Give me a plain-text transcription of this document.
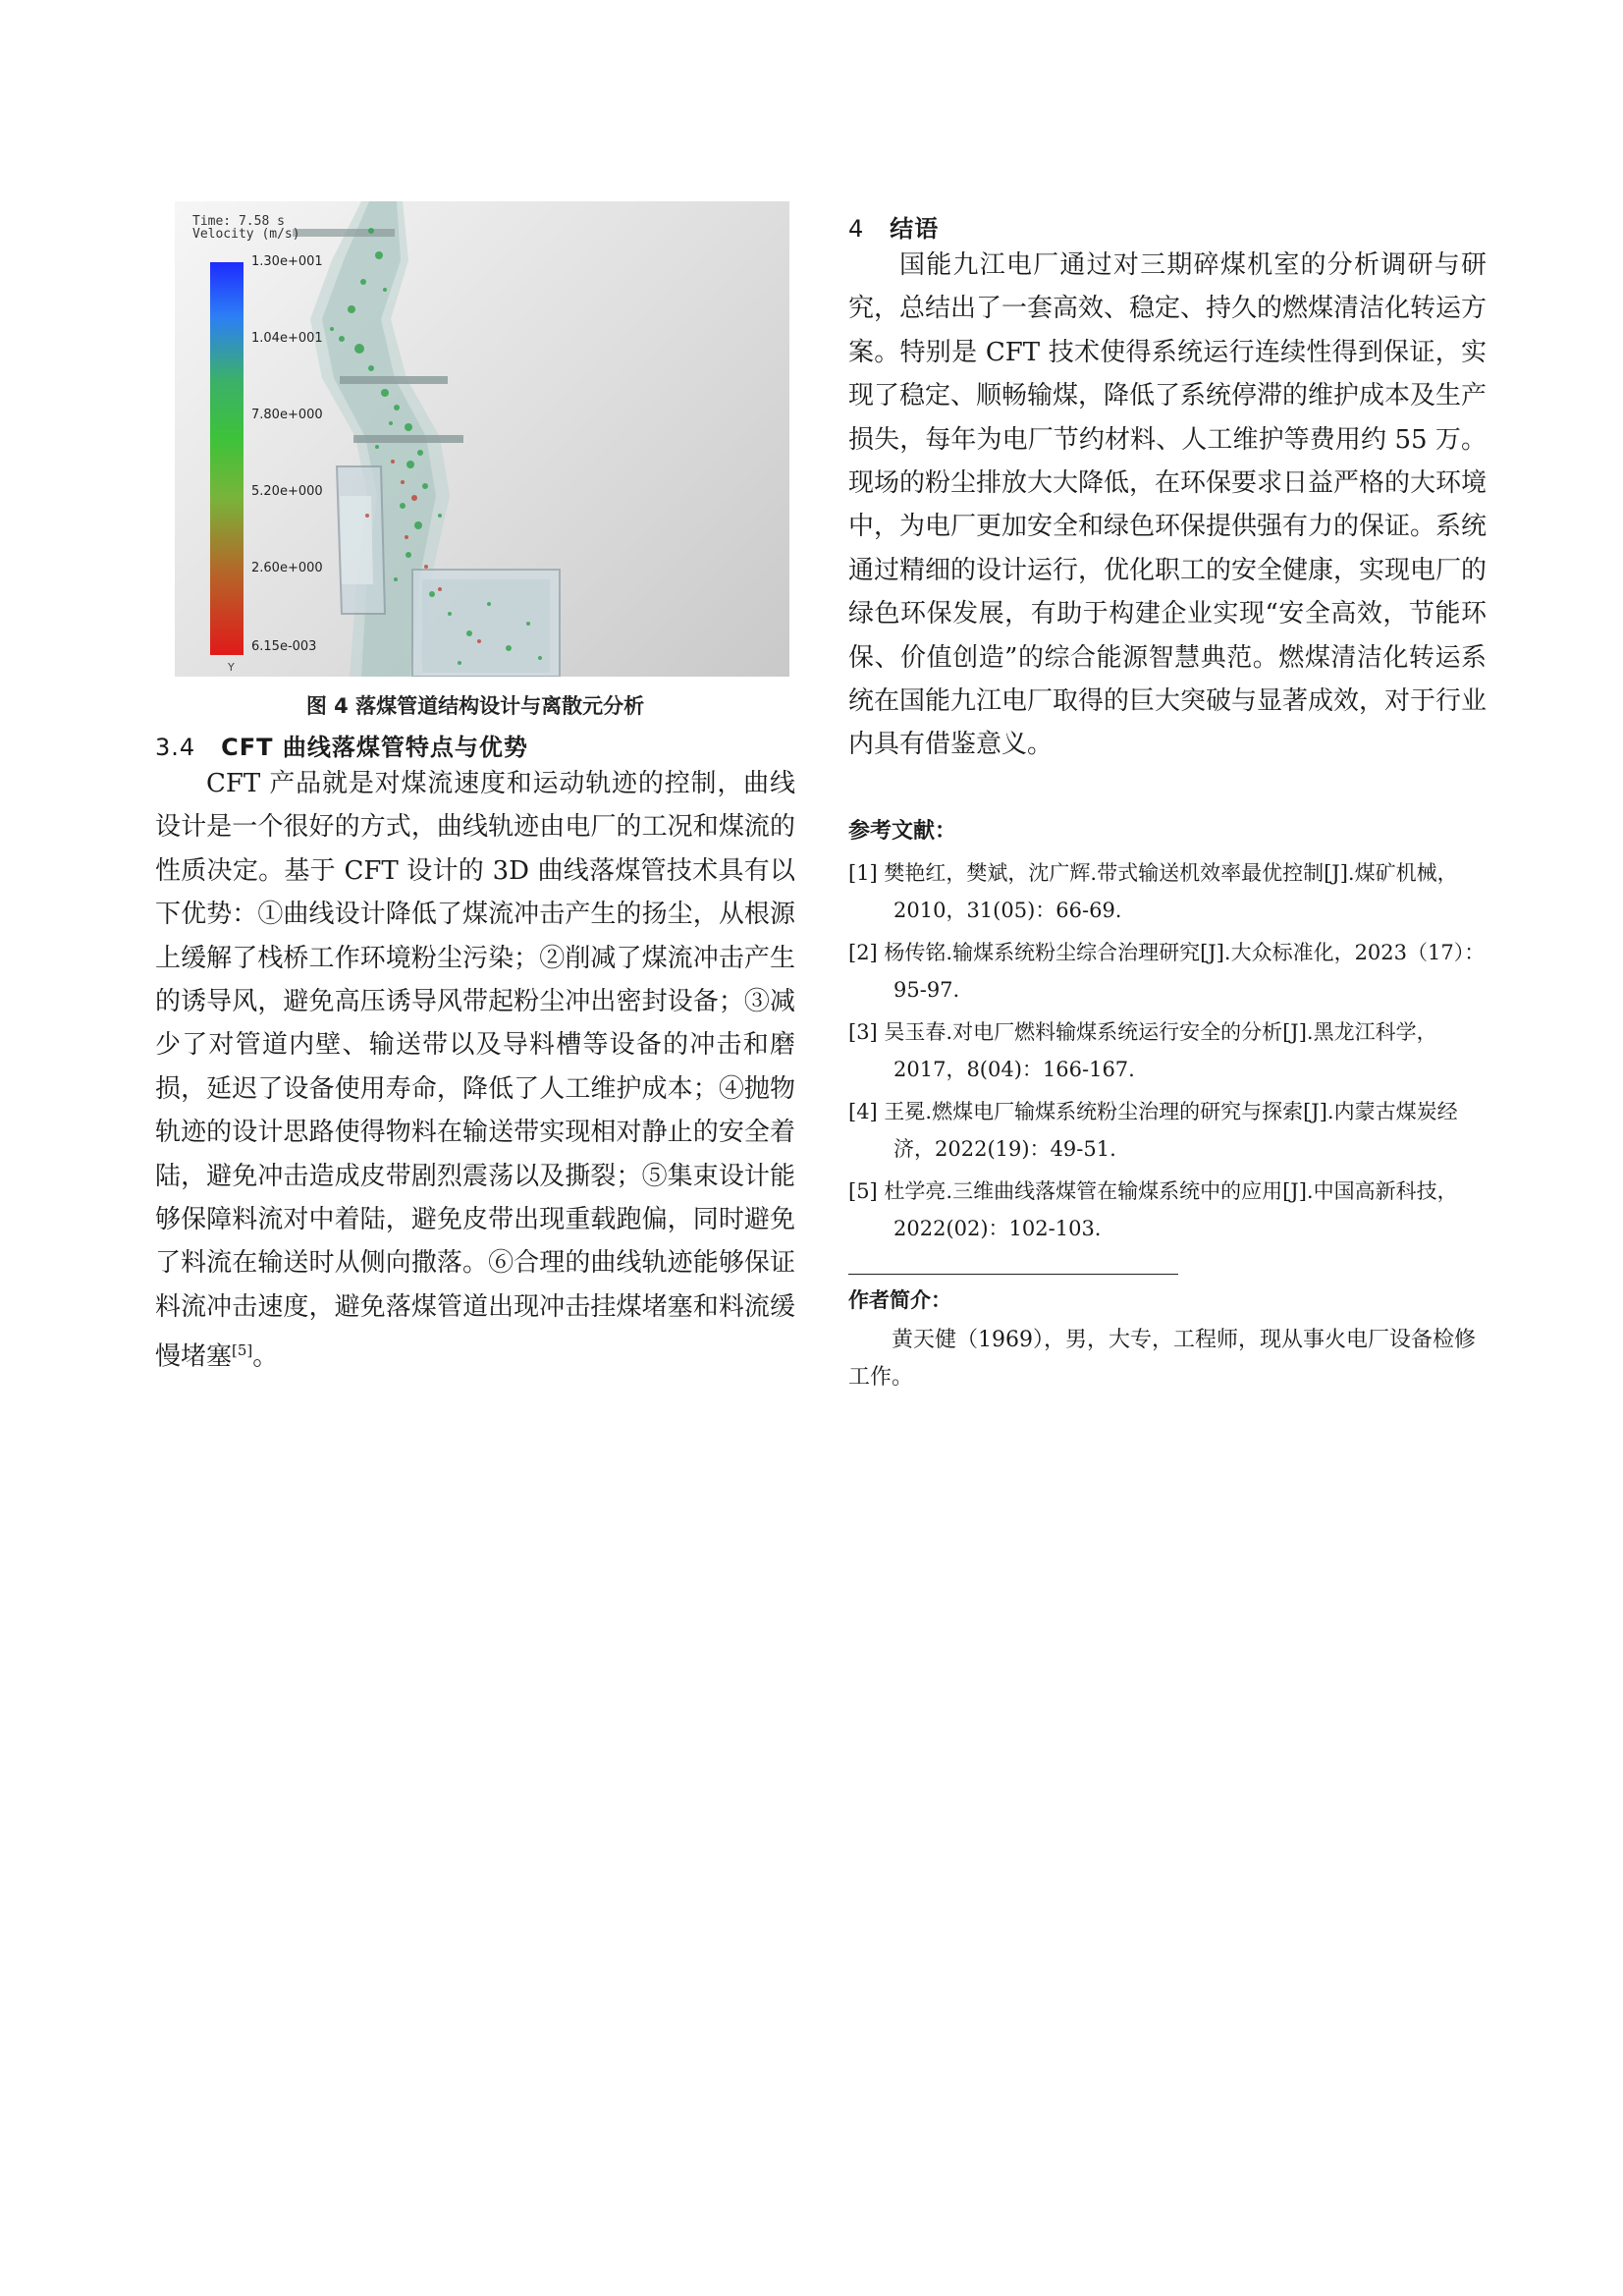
Time: 7.58 s
Velocity (m/s)
1.30e+001
1.04e+001
7.80e+000
5.20e+000
2.60e+000
6.15e-003
Y
图 4 落煤管道结构设计与离散元分析
3.4 CFT 曲线落煤管特点与优势

CFT 产品就是对煤流速度和运动轨迹的控制，曲线设计是一个很好的方式，曲线轨迹由电厂的工况和煤流的性质决定。基于 CFT 设计的 3D 曲线落煤管技术具有以下优势：①曲线设计降低了煤流冲击产生的扬尘，从根源上缓解了栈桥工作环境粉尘污染；②削减了煤流冲击产生的诱导风，避免高压诱导风带起粉尘冲出密封设备；③减少了对管道内壁、输送带以及导料槽等设备的冲击和磨损，延迟了设备使用寿命，降低了人工维护成本；④抛物轨迹的设计思路使得物料在输送带实现相对静止的安全着陆，避免冲击造成皮带剧烈震荡以及撕裂；⑤集束设计能够保障料流对中着陆，避免皮带出现重载跑偏，同时避免了料流在输送时从侧向撒落。⑥合理的曲线轨迹能够保证料流冲击速度，避免落煤管道出现冲击挂煤堵塞和料流缓慢堵塞[5]。

4 结语

国能九江电厂通过对三期碎煤机室的分析调研与研究，总结出了一套高效、稳定、持久的燃煤清洁化转运方案。特别是 CFT 技术使得系统运行连续性得到保证，实现了稳定、顺畅输煤，降低了系统停滞的维护成本及生产损失，每年为电厂节约材料、人工维护等费用约 55 万。现场的粉尘排放大大降低，在环保要求日益严格的大环境中，为电厂更加安全和绿色环保提供强有力的保证。系统通过精细的设计运行，优化职工的安全健康，实现电厂的绿色环保发展，有助于构建企业实现“安全高效，节能环保、价值创造”的综合能源智慧典范。燃煤清洁化转运系统在国能九江电厂取得的巨大突破与显著成效，对于行业内具有借鉴意义。

参考文献：
[1] 樊艳红，樊斌，沈广辉.带式输送机效率最优控制[J].煤矿机械，2010，31(05)：66-69.
[2] 杨传铭.输煤系统粉尘综合治理研究[J].大众标准化，2023（17）：95-97.
[3] 吴玉春.对电厂燃料输煤系统运行安全的分析[J].黑龙江科学，2017，8(04)：166-167.
[4] 王冕.燃煤电厂输煤系统粉尘治理的研究与探索[J].内蒙古煤炭经济，2022(19)：49-51.
[5] 杜学亮.三维曲线落煤管在输煤系统中的应用[J].中国高新科技，2022(02)：102-103.
作者简介：

黄天健（1969），男，大专，工程师，现从事火电厂设备检修工作。
